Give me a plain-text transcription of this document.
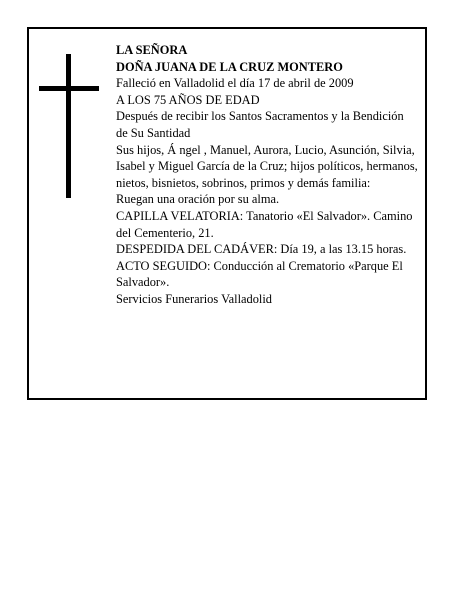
LA SEÑORA

DOÑA JUANA DE LA CRUZ MONTERO

Falleció en Valladolid el día 17 de abril de 2009

A LOS 75 AÑOS DE EDAD

Después de recibir los Santos Sacramentos y la Bendición de Su Santidad

Sus hijos, Á ngel , Manuel, Aurora, Lucio, Asunción, Silvia, Isabel y Miguel García de la Cruz; hijos políticos, hermanos, nietos, bisnietos, sobrinos, primos y demás familia:

Ruegan una oración por su alma.

CAPILLA VELATORIA: Tanatorio «El Salvador». Camino del Cementerio, 21.

DESPEDIDA DEL CADÁVER: Día 19, a las 13.15 horas.

ACTO SEGUIDO: Conducción al Crematorio «Parque El Salvador».

Servicios Funerarios Valladolid
